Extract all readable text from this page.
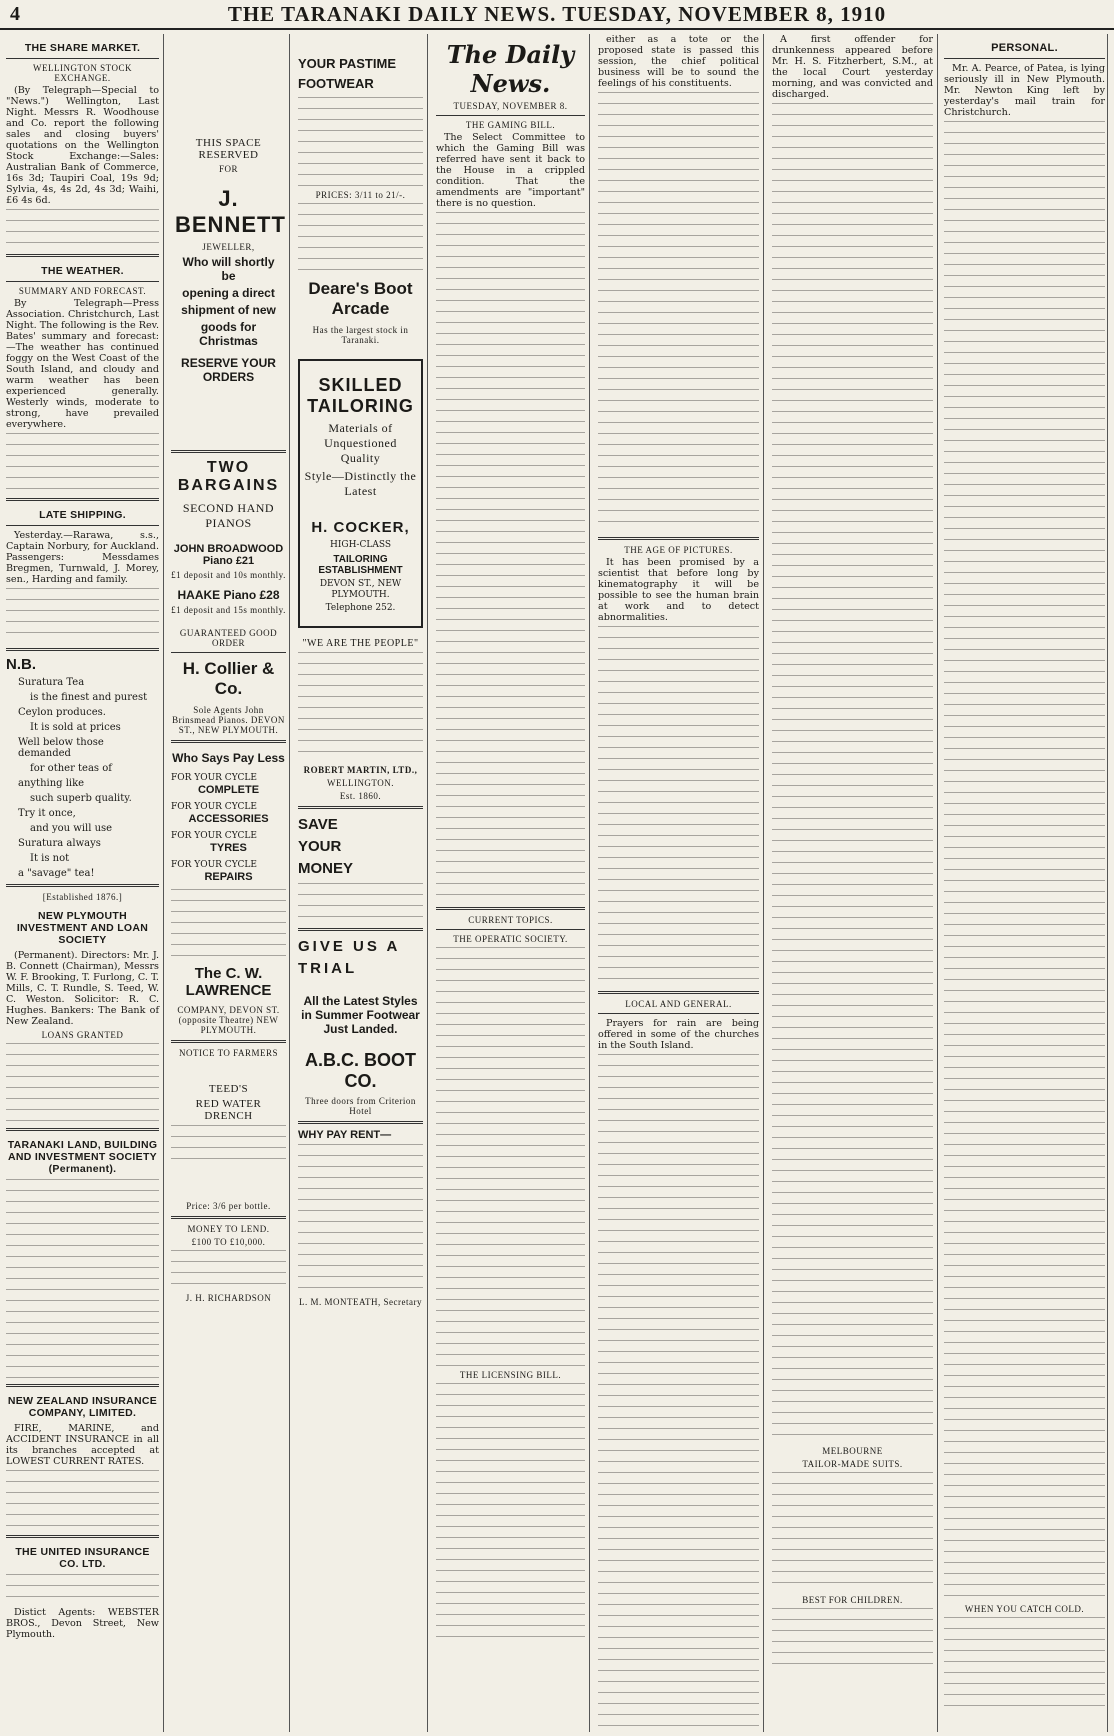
4	THE TARANAKI DAILY NEWS. TUESDAY, NOVEMBER 8, 1910
THE SHARE MARKET.
WELLINGTON STOCK EXCHANGE.

(By Telegraph—Special to "News.") Wellington, Last Night. Messrs R. Woodhouse and Co. report the following sales and closing buyers' quotations on the Wellington Stock Exchange:—Sales: Australian Bank of Commerce, 16s 3d; Taupiri Coal, 19s 9d; Sylvia, 4s, 4s 2d, 4s 3d; Waihi, £6 4s 6d.

THE WEATHER.
SUMMARY AND FORECAST.

By Telegraph—Press Association. Christchurch, Last Night. The following is the Rev. Bates' summary and forecast:—The weather has continued foggy on the West Coast of the South Island, and cloudy and warm weather has been experienced generally. Westerly winds, moderate to strong, have prevailed everywhere.

LATE SHIPPING.

Yesterday.—Rarawa, s.s., Captain Norbury, for Auckland. Passengers: Messdames Bregmen, Turnwald, J. Morey, sen., Harding and family.

N.B.
Suratura Tea
is the finest and purest
Ceylon produces.
It is sold at prices
Well below those demanded
for other teas of
anything like
such superb quality.
Try it once,
and you will use
Suratura always
It is not
a "savage" tea!
[Established 1876.]
NEW PLYMOUTH INVESTMENT AND LOAN SOCIETY

(Permanent). Directors: Mr. J. B. Connett (Chairman), Messrs W. F. Brooking, T. Furlong, C. T. Mills, C. T. Rundle, S. Teed, W. C. Weston. Solicitor: R. C. Hughes. Bankers: The Bank of New Zealand.

LOANS GRANTED
TARANAKI LAND, BUILDING AND INVESTMENT SOCIETY (Permanent).
NEW ZEALAND INSURANCE COMPANY, LIMITED.

FIRE, MARINE, and ACCIDENT INSURANCE in all its branches accepted at LOWEST CURRENT RATES.

THE UNITED INSURANCE CO. LTD.

Distict Agents: WEBSTER BROS., Devon Street, New Plymouth.

THIS SPACE RESERVED
FOR
J. BENNETT
JEWELLER,
Who will shortly be
opening a direct
shipment of new
goods for Christmas
RESERVE YOUR ORDERS
TWO BARGAINS
SECOND HAND PIANOS
JOHN BROADWOOD Piano £21
£1 deposit and 10s monthly.
HAAKE Piano £28
£1 deposit and 15s monthly.
GUARANTEED GOOD ORDER
H. Collier & Co.
Sole Agents John Brinsmead Pianos. DEVON ST., NEW PLYMOUTH.
Who Says Pay Less
FOR YOUR CYCLE
COMPLETE
FOR YOUR CYCLE
ACCESSORIES
FOR YOUR CYCLE
TYRES
FOR YOUR CYCLE
REPAIRS
The C. W. LAWRENCE
COMPANY, DEVON ST. (opposite Theatre) NEW PLYMOUTH.
NOTICE TO FARMERS
TEED'S
RED WATER DRENCH
Price: 3/6 per bottle.
MONEY TO LEND.
£100 TO £10,000.
J. H. RICHARDSON
YOUR PASTIME FOOTWEAR
PRICES: 3/11 to 21/-.
Deare's Boot Arcade
Has the largest stock in Taranaki.
SKILLED TAILORING
Materials of Unquestioned Quality
Style—Distinctly the Latest
H. COCKER,
HIGH-CLASS
TAILORING ESTABLISHMENT
DEVON ST., NEW PLYMOUTH.
Telephone 252.
"WE ARE THE PEOPLE"
ROBERT MARTIN, LTD.,
WELLINGTON.
Est. 1860.
SAVE YOUR MONEY
GIVE US A TRIAL
All the Latest Styles in Summer Footwear Just Landed.
A.B.C. BOOT CO.
Three doors from Criterion Hotel
WHY PAY RENT—
L. M. MONTEATH, Secretary
The Daily News.
TUESDAY, NOVEMBER 8.
THE GAMING BILL.

The Select Committee to which the Gaming Bill was referred have sent it back to the House in a crippled condition. That the amendments are "important" there is no question.

CURRENT TOPICS.
THE OPERATIC SOCIETY.
THE LICENSING BILL.

either as a tote or the proposed state is passed this session, the chief political business will be to sound the feelings of his constituents.

THE AGE OF PICTURES.

It has been promised by a scientist that before long by kinematography it will be possible to see the human brain at work and to detect abnormalities.

LOCAL AND GENERAL.

Prayers for rain are being offered in some of the churches in the South Island.

A first offender for drunkenness appeared before Mr. H. S. Fitzherbert, S.M., at the local Court yesterday morning, and was convicted and discharged.

MELBOURNE
TAILOR-MADE SUITS.
BEST FOR CHILDREN.
PERSONAL.

Mr. A. Pearce, of Patea, is lying seriously ill in New Plymouth. Mr. Newton King left by yesterday's mail train for Christchurch.

WHEN YOU CATCH COLD.
